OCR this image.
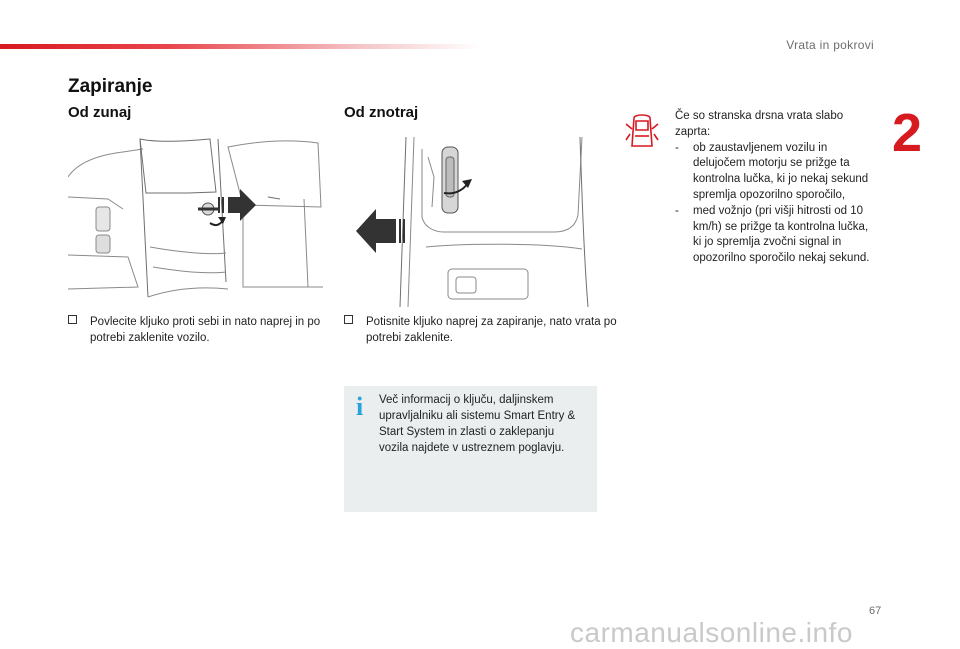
Vrata in pokrovi
2
Zapiranje
Od zunaj
Povlecite kljuko proti sebi in nato naprej in po potrebi zaklenite vozilo.
Od znotraj
Potisnite kljuko naprej za zapiranje, nato vrata po potrebi zaklenite.
i Več informacij o ključu, daljinskem upravljalniku ali sistemu Smart Entry & Start System in zlasti o zaklepanju vozila najdete v ustreznem poglavju.
Če so stranska drsna vrata slabo zaprta:
- ob zaustavljenem vozilu in delujočem motorju se prižge ta kontrolna lučka, ki jo nekaj sekund spremlja opozorilno sporočilo,
- med vožnjo (pri višji hitrosti od 10 km/h) se prižge ta kontrolna lučka, ki jo spremlja zvočni signal in opozorilno sporočilo nekaj sekund.
67
carmanualsonline.info
